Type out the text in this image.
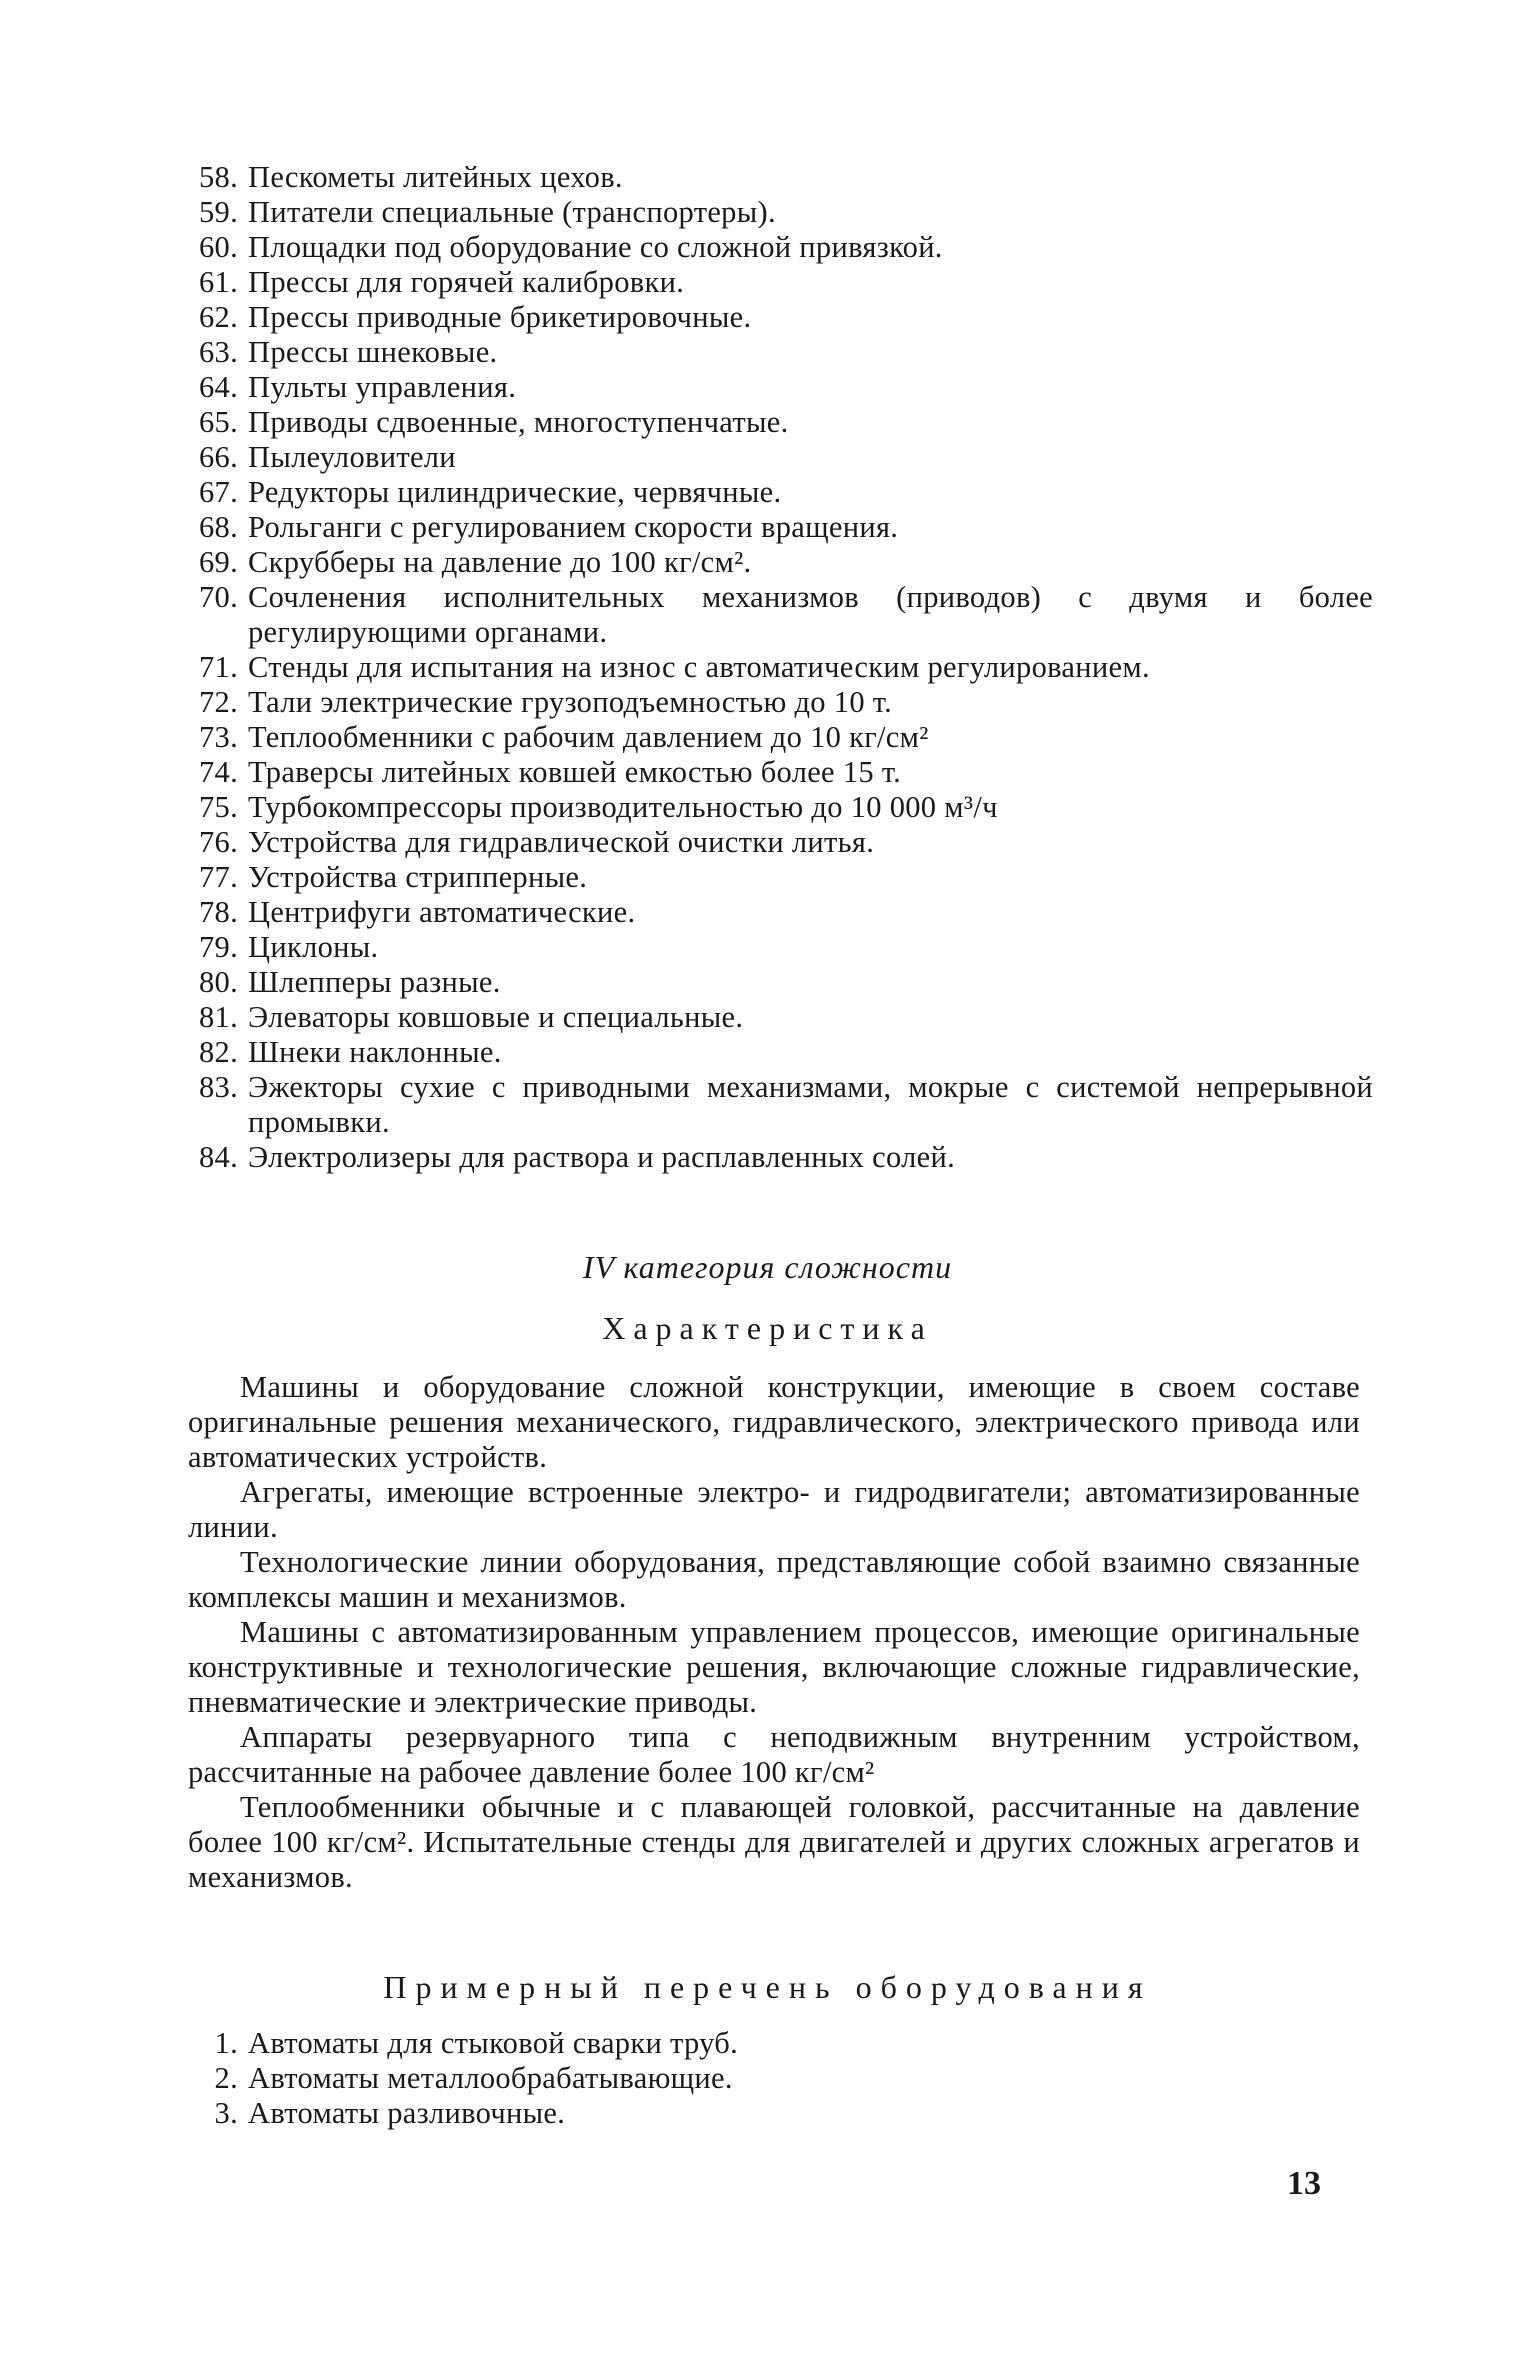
58. Пескометы литейных цехов.
59. Питатели специальные (транспортеры).
60. Площадки под оборудование со сложной привязкой.
61. Прессы для горячей калибровки.
62. Прессы приводные брикетировочные.
63. Прессы шнековые.
64. Пульты управления.
65. Приводы сдвоенные, многоступенчатые.
66. Пылеуловители
67. Редукторы цилиндрические, червячные.
68. Рольганги с регулированием скорости вращения.
69. Скрубберы на давление до 100 кг/см².
70. Сочленения исполнительных механизмов (приводов) с двумя и более регулирующими органами.
71. Стенды для испытания на износ с автоматическим регулированием.
72. Тали электрические грузоподъемностью до 10 т.
73. Теплообменники с рабочим давлением до 10 кг/см²
74. Траверсы литейных ковшей емкостью более 15 т.
75. Турбокомпрессоры производительностью до 10 000 м³/ч
76. Устройства для гидравлической очистки литья.
77. Устройства стрипперные.
78. Центрифуги автоматические.
79. Циклоны.
80. Шлепперы разные.
81. Элеваторы ковшовые и специальные.
82. Шнеки наклонные.
83. Эжекторы сухие с приводными механизмами, мокрые с системой непрерывной промывки.
84. Электролизеры для раствора и расплавленных солей.
IV категория сложности
Характеристика

Машины и оборудование сложной конструкции, имеющие в своем составе оригинальные решения механического, гидравлического, электрического привода или автоматических устройств.

Агрегаты, имеющие встроенные электро- и гидродвигатели; автоматизированные линии.

Технологические линии оборудования, представляющие собой взаимно связанные комплексы машин и механизмов.

Машины с автоматизированным управлением процессов, имеющие оригинальные конструктивные и технологические решения, включающие сложные гидравлические, пневматические и электрические приводы.

Аппараты резервуарного типа с неподвижным внутренним устройством, рассчитанные на рабочее давление более 100 кг/см²

Теплообменники обычные и с плавающей головкой, рассчитанные на давление более 100 кг/см². Испытательные стенды для двигателей и других сложных агрегатов и механизмов.

Примерный перечень оборудования
1. Автоматы для стыковой сварки труб.
2. Автоматы металлообрабатывающие.
3. Автоматы разливочные.
13
